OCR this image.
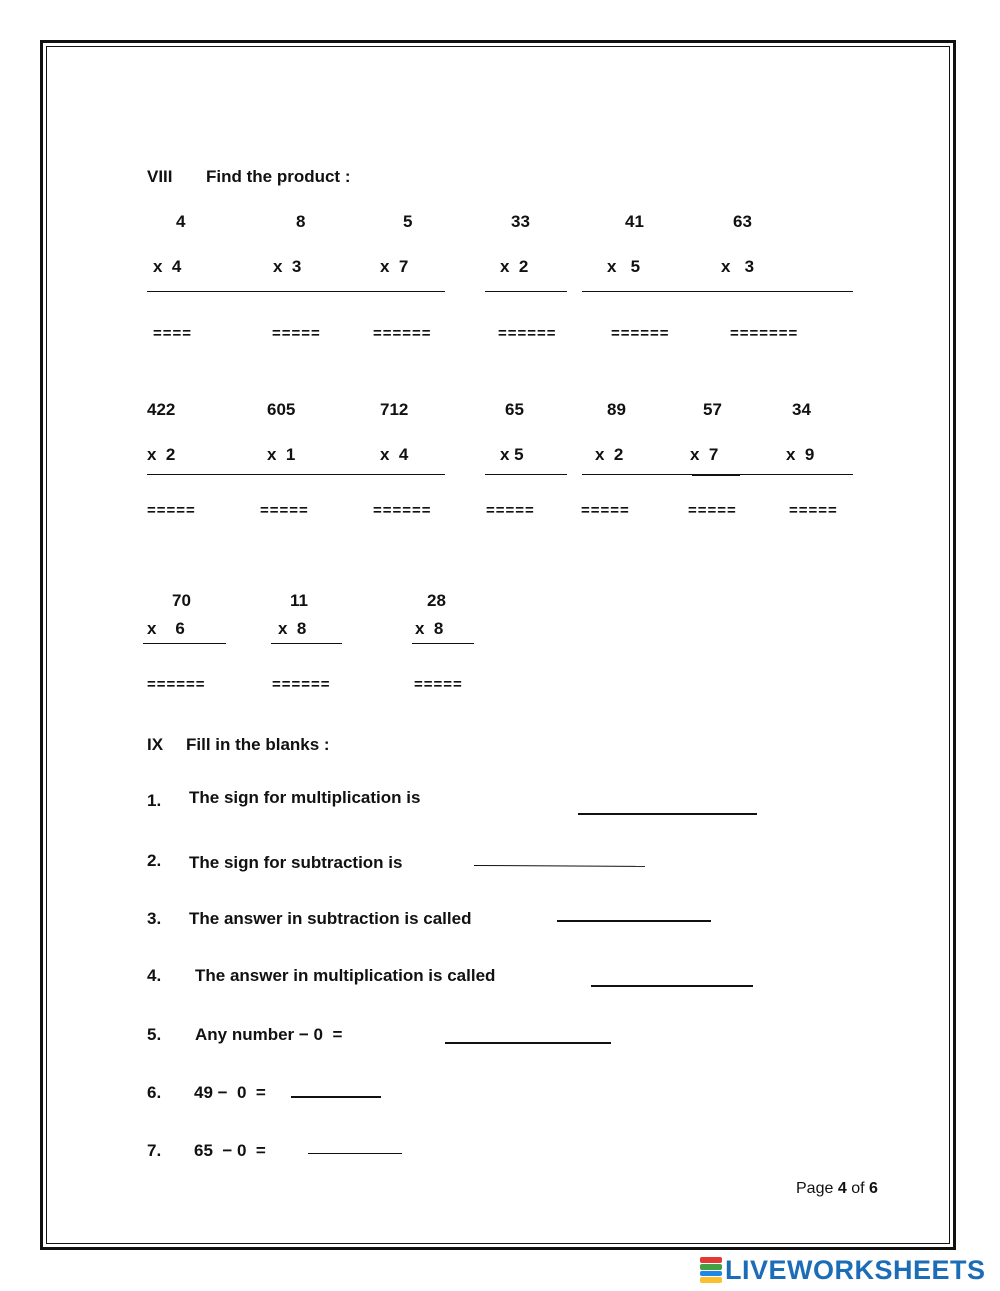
VIII Find the product :
4	8	5	33	41	63
x  4	x  3	x  7	x  2	x   5	x   3
====	=====	======	======	======	=======
422	605	712	65	89	57	34
x  2	x  1	x  4	x 5	x  2	x  7	x  9
=====	=====	======	=====	=====	=====	=====
70	11	28
x    6	x  8	x  8
======	======	=====
IX Fill in the blanks :
1. The sign for multiplication is
2. The sign for subtraction is
3. The answer in subtraction is called
4. The answer in multiplication is called
5. Any number − 0  =
6. 49 −  0  =
7. 65  − 0  =
Page 4 of 6
LIVEWORKSHEETS
